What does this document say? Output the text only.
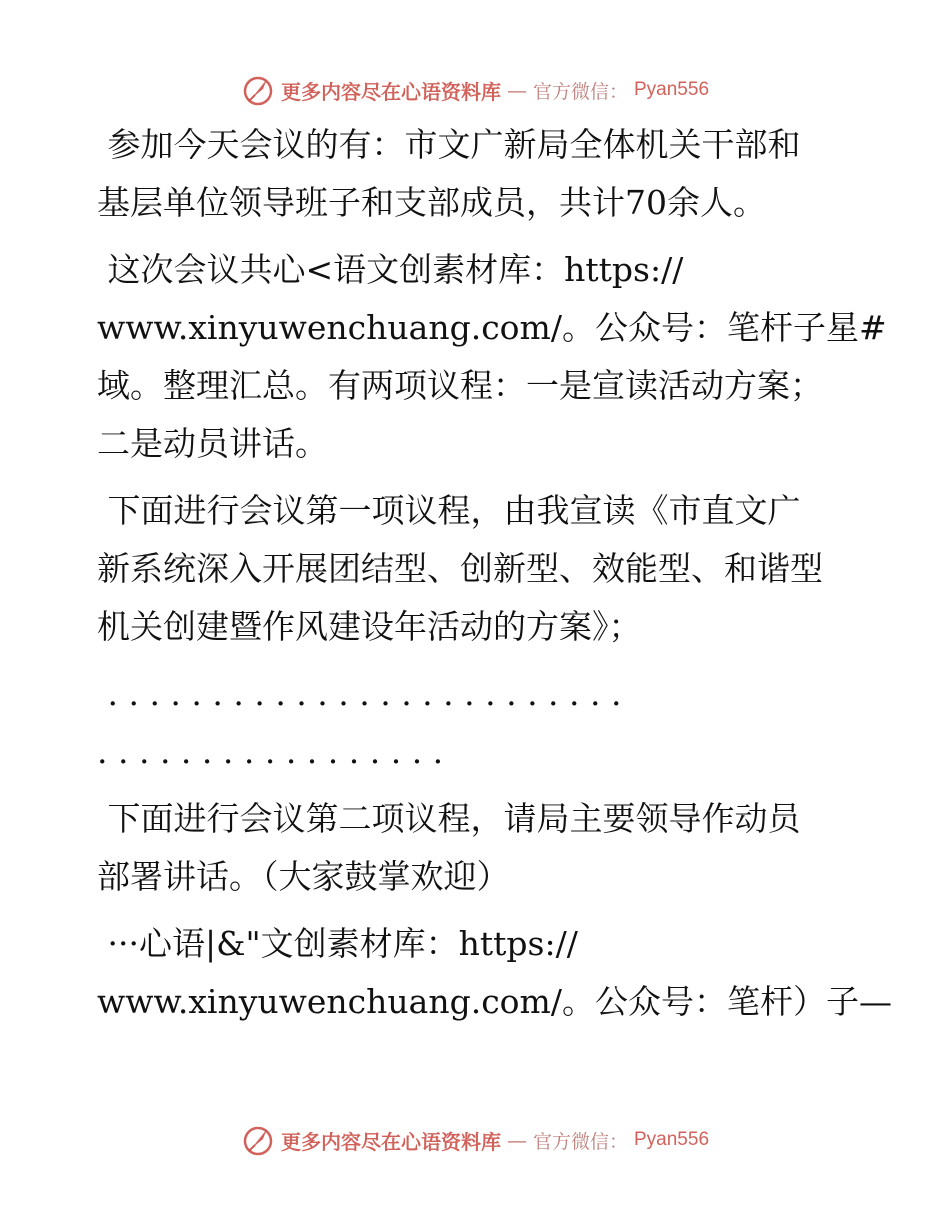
更多内容尽在心语资料库 — 官方微信： Pyan556

参加今天会议的有：市文广新局全体机关干部和
基层单位领导班子和支部成员，共计70余人。

这次会议共心<语文创素材库：https://
www.xinyuwenchuang.com/。公众号：笔杆子星#
域。整理汇总。有两项议程：一是宣读活动方案；
二是动员讲话。

下面进行会议第一项议程，由我宣读《市直文广
新系统深入开展团结型、创新型、效能型、和谐型
机关创建暨作风建设年活动的方案》；

. . . . . . . . . . . . . . . . . . . . . . . . .
. . . . . . . . . . . . . . . . .

下面进行会议第二项议程，请局主要领导作动员
部署讲话。（大家鼓掌欢迎）

···心语|&"文创素材库：https://
www.xinyuwenchuang.com/。公众号：笔杆）子—

更多内容尽在心语资料库 — 官方微信： Pyan556
